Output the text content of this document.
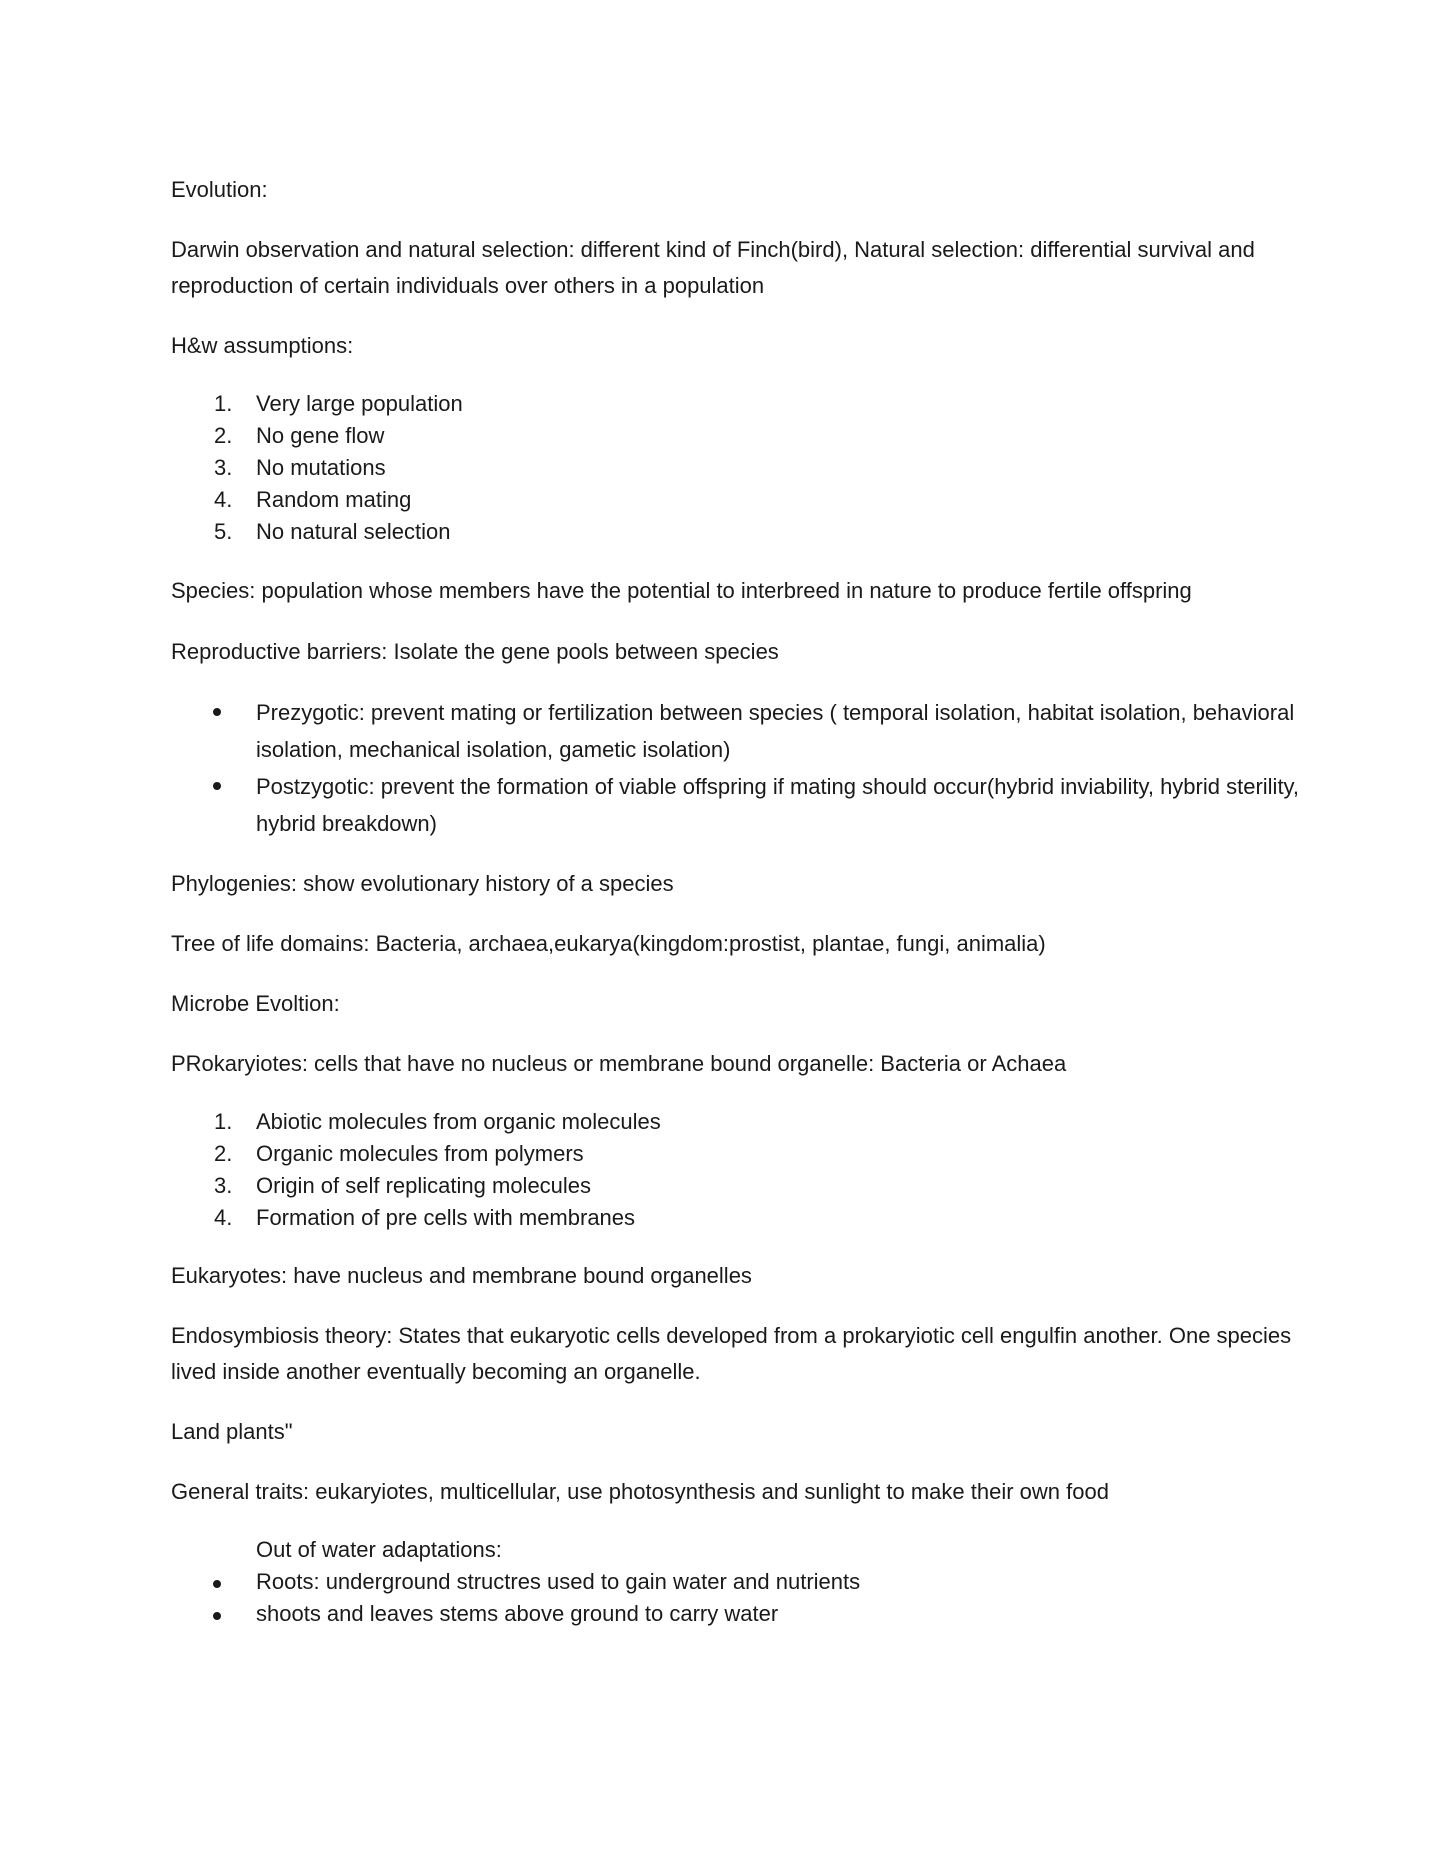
Evolution:

Darwin observation and natural selection: different kind of Finch(bird), Natural selection: differential survival and reproduction of certain individuals over others in a population

H&w assumptions:

1.	Very large population
2.	No gene flow
3.	No mutations
4.	Random mating
5.	No natural selection

Species: population whose members have the potential to interbreed in nature to produce fertile offspring

Reproductive barriers: Isolate the gene pools between species

Prezygotic: prevent mating or fertilization between species ( temporal isolation, habitat isolation, behavioral isolation, mechanical isolation, gametic isolation)
Postzygotic: prevent the formation of viable offspring if mating should occur(hybrid inviability, hybrid sterility, hybrid breakdown)

Phylogenies: show evolutionary history of a species

Tree of life domains: Bacteria, archaea,eukarya(kingdom:prostist, plantae, fungi, animalia)

Microbe Evoltion:

PRokaryiotes: cells that have no nucleus or membrane bound organelle: Bacteria or Achaea

1.	Abiotic molecules from organic molecules
2.	Organic molecules from polymers
3.	Origin of self replicating molecules
4.	Formation of pre cells with membranes

Eukaryotes: have nucleus and membrane bound organelles

Endosymbiosis theory: States that eukaryotic cells developed from a prokaryiotic cell engulfin another. One species lived inside another eventually becoming an organelle.

Land plants"

General traits: eukaryiotes, multicellular, use photosynthesis and sunlight to make their own food

Out of water adaptations:
Roots: underground structres used to gain water and nutrients
shoots and leaves stems above ground to carry water
